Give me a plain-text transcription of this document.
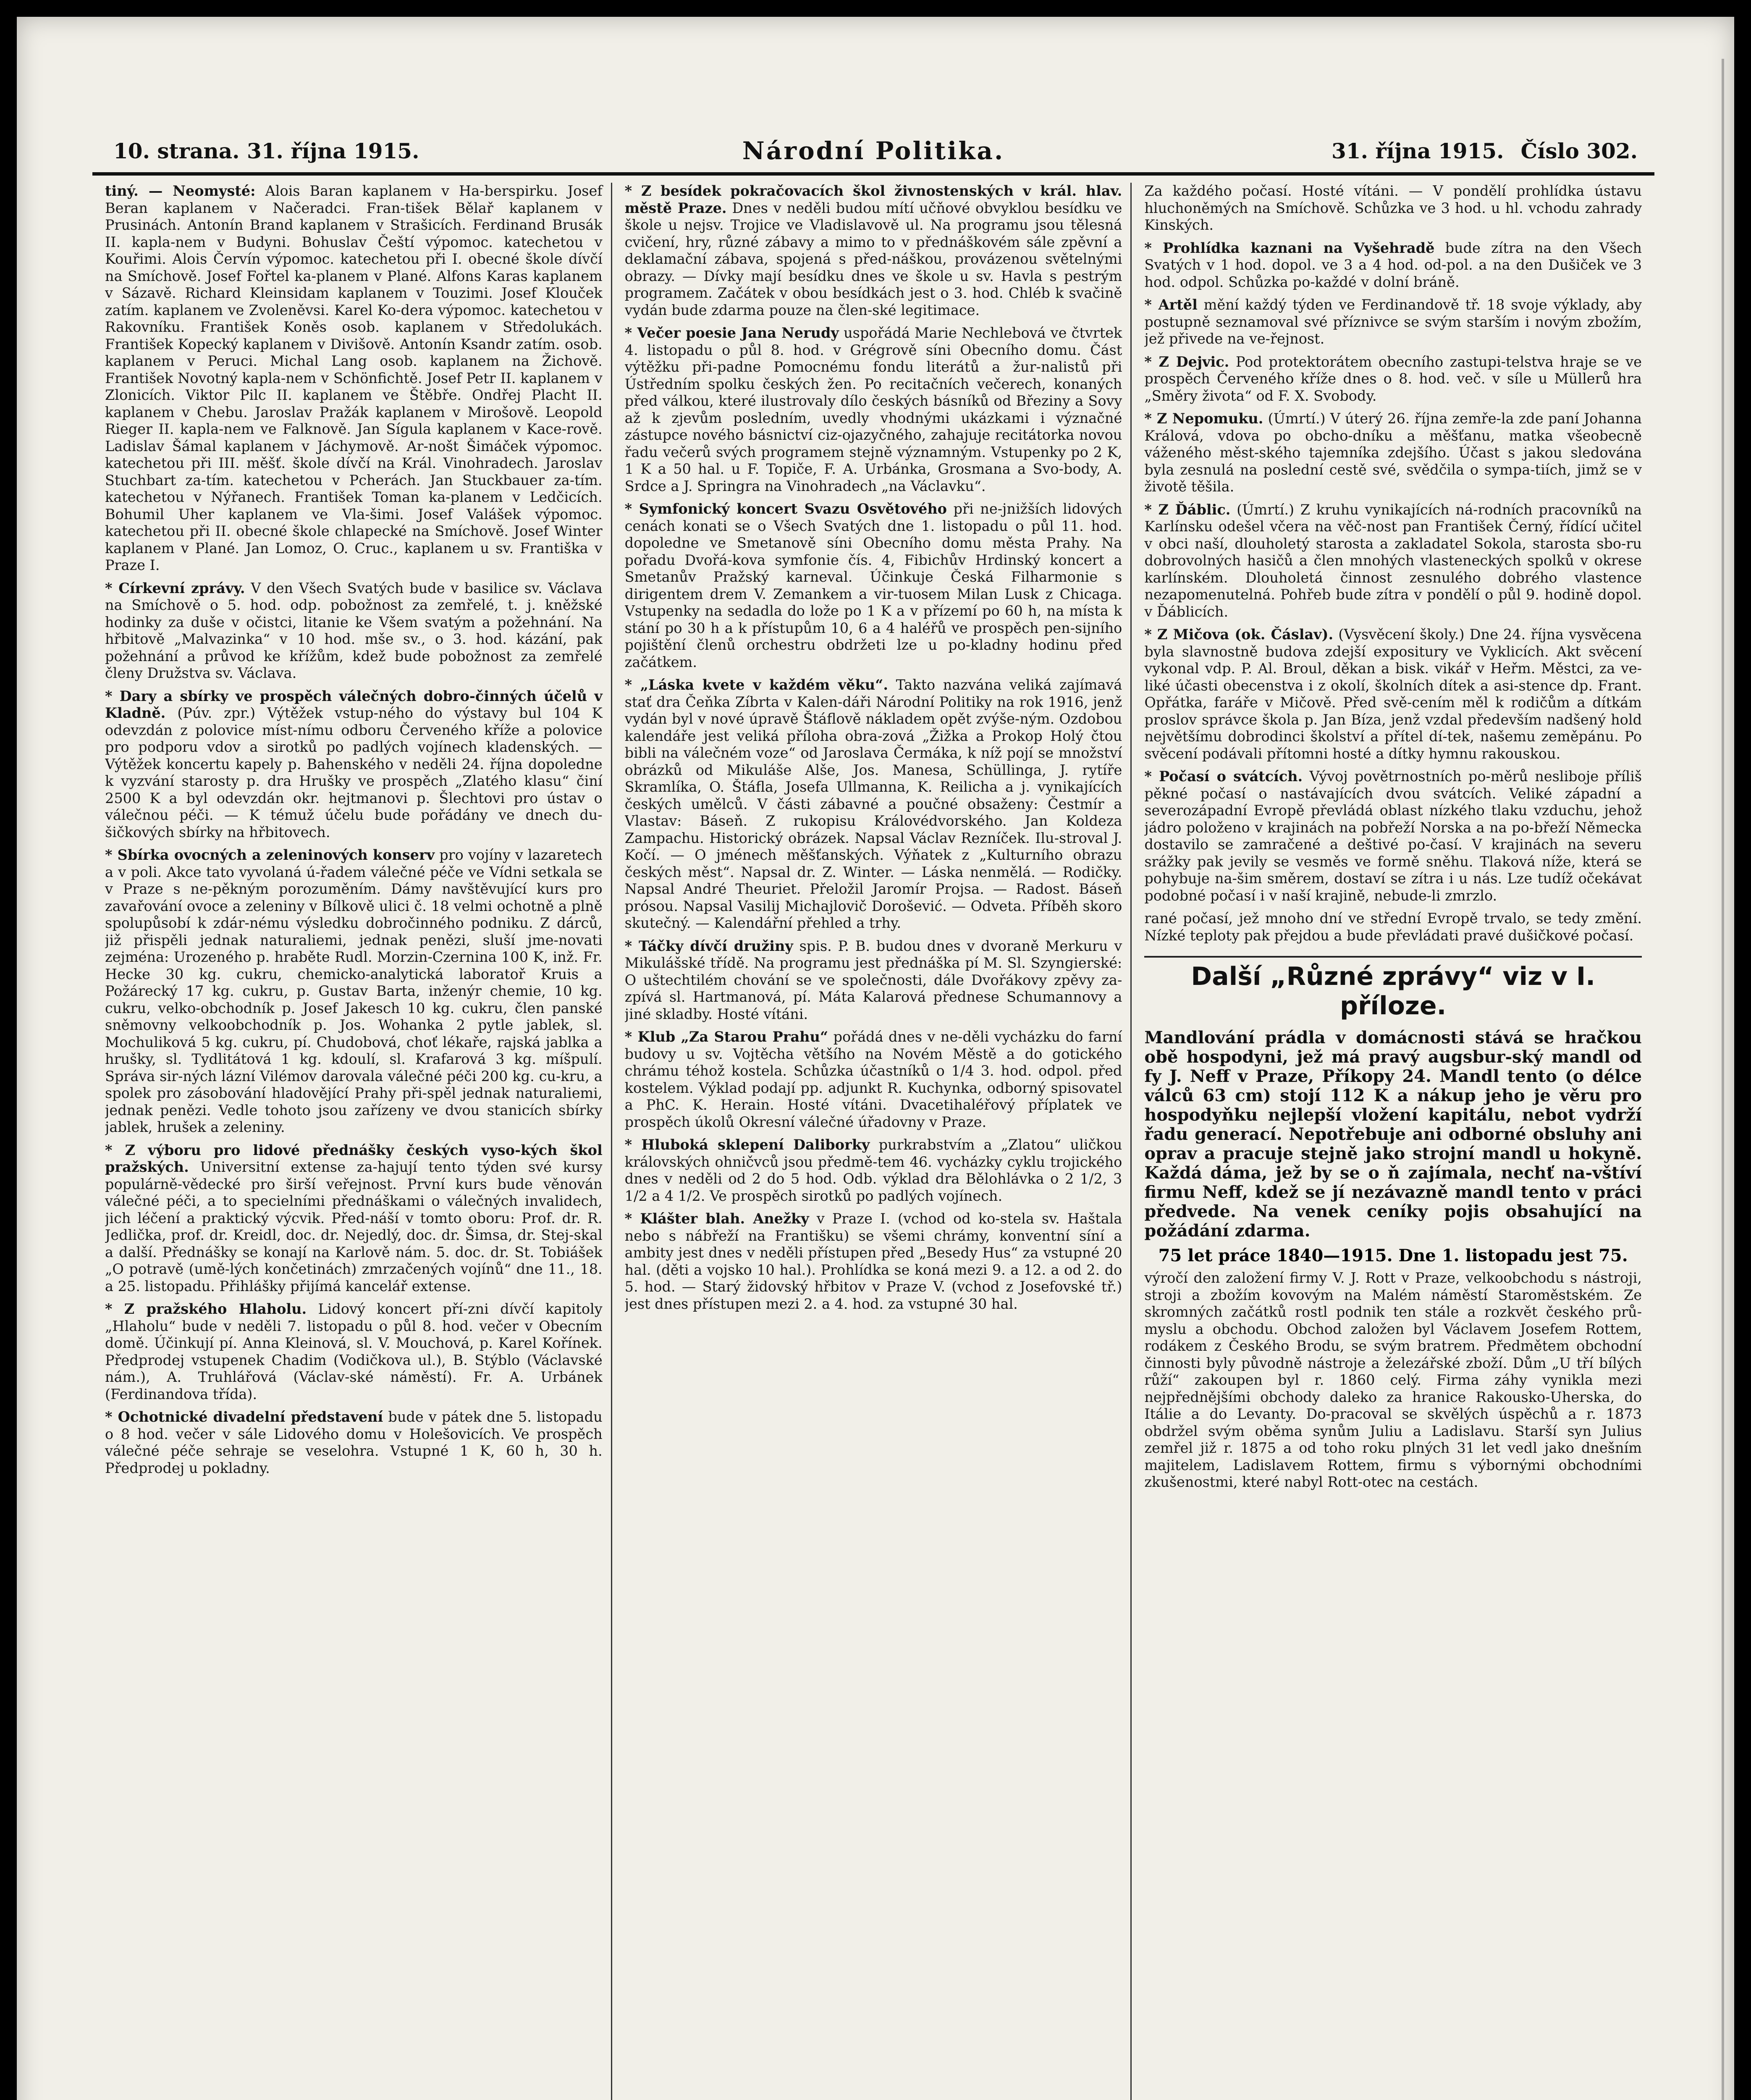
10. strana. 31. října 1915.	Národní Politika.	31. října 1915. Číslo 302.

tiný. — Neomysté: Alois Baran kaplanem v Ha-berspirku. Josef Beran kaplanem v Načeradci. Fran-tišek Bělař kaplanem v Prusinách. Antonín Brand kaplanem v Strašicích. Ferdinand Brusák II. kapla-nem v Budyni. Bohuslav Čeští výpomoc. katechetou v Kouřimi. Alois Červín výpomoc. katechetou při I. obecné škole dívčí na Smíchově. Josef Fořtel ka-planem v Plané. Alfons Karas kaplanem v Sázavě. Richard Kleinsidam kaplanem v Touzimi. Josef Klouček zatím. kaplanem ve Zvoleněvsi. Karel Ko-dera výpomoc. katechetou v Rakovníku. František Koněs osob. kaplanem v Středolukách. František Kopecký kaplanem v Divišově. Antonín Ksandr zatím. osob. kaplanem v Peruci. Michal Lang osob. kaplanem na Žichově. František Novotný kapla-nem v Schönfichtě. Josef Petr II. kaplanem v Zlonicích. Viktor Pilc II. kaplanem ve Štěbře. Ondřej Placht II. kaplanem v Chebu. Jaroslav Pražák kaplanem v Mirošově. Leopold Rieger II. kapla-nem ve Falknově. Jan Sígula kaplanem v Kace-rově. Ladislav Šámal kaplanem v Jáchymově. Ar-nošt Šimáček výpomoc. katechetou při III. měšť. škole dívčí na Král. Vinohradech. Jaroslav Stuchbart za-tím. katechetou v Pcherách. Jan Stuckbauer za-tím. katechetou v Nýřanech. František Toman ka-planem v Ledčicích. Bohumil Uher kaplanem ve Vla-šimi. Josef Valášek výpomoc. katechetou při II. obecné škole chlapecké na Smíchově. Josef Winter kaplanem v Plané. Jan Lomoz, O. Cruc., kaplanem u sv. Františka v Praze I.

* Církevní zprávy. V den Všech Svatých bude v basilice sv. Václava na Smíchově o 5. hod. odp. pobožnost za zemřelé, t. j. kněžské hodinky za duše v očistci, litanie ke Všem svatým a požehnání. Na hřbitově „Malvazinka“ v 10 hod. mše sv., o 3. hod. kázání, pak požehnání a průvod ke křížům, kdež bude pobožnost za zemřelé členy Družstva sv. Václava.

* Dary a sbírky ve prospěch válečných dobro-činných účelů v Kladně. (Púv. zpr.) Výtěžek vstup-ného do výstavy bul 104 K odevzdán z polovice míst-nímu odboru Červeného kříže a polovice pro podporu vdov a sirotků po padlých vojínech kladenských. — Výtěžek koncertu kapely p. Bahenského v neděli 24. října dopoledne k vyzvání starosty p. dra Hrušky ve prospěch „Zlatého klasu“ činí 2500 K a byl odevzdán okr. hejtmanovi p. Šlechtovi pro ústav o válečnou péči. — K témuž účelu bude pořádány ve dnech du-šičkových sbírky na hřbitovech.

* Sbírka ovocných a zeleninových konserv pro vojíny v lazaretech a v poli. Akce tato vyvolaná ú-řadem válečné péče ve Vídni setkala se v Praze s ne-pěkným porozuměním. Dámy navštěvující kurs pro zavařování ovoce a zeleniny v Bílkově ulici č. 18 velmi ochotně a plně spolupůsobí k zdár-nému výsledku dobročinného podniku. Z dárců, již přispěli jednak naturaliemi, jednak penězi, sluší jme-novati zejména: Urozeného p. hraběte Rudl. Morzin-Czernina 100 K, inž. Fr. Hecke 30 kg. cukru, chemicko-analytická laboratoř Kruis a Požárecký 17 kg. cukru, p. Gustav Barta, inženýr chemie, 10 kg. cukru, velko-obchodník p. Josef Jakesch 10 kg. cukru, člen panské sněmovny velkoobchodník p. Jos. Wohanka 2 pytle jablek, sl. Mochuliková 5 kg. cukru, pí. Chudobová, choť lékaře, rajská jablka a hrušky, sl. Tydlitátová 1 kg. kdoulí, sl. Krafarová 3 kg. míšpulí. Správa sir-ných lázní Vilémov darovala válečné péči 200 kg. cu-kru, a spolek pro zásobování hladovějící Prahy při-spěl jednak naturaliemi, jednak penězi. Vedle tohoto jsou zařízeny ve dvou stanicích sbírky jablek, hrušek a zeleniny.

* Z výboru pro lidové přednášky českých vyso-kých škol pražských. Universitní extense za-hajují tento týden své kursy populárně-vědecké pro širší veřejnost. První kurs bude věnován válečné péči, a to specielními přednáškami o válečných invalidech, jich léčení a praktický výcvik. Před-náší v tomto oboru: Prof. dr. R. Jedlička, prof. dr. Kreidl, doc. dr. Nejedlý, doc. dr. Šimsa, dr. Stej-skal a další. Přednášky se konají na Karlově nám. 5. doc. dr. St. Tobiášek „O potravě (umě-lých končetinách) zmrzačených vojínů“ dne 11., 18. a 25. listopadu. Přihlášky přijímá kancelář extense.

* Z pražského Hlaholu. Lidový koncert pří-zni dívčí kapitoly „Hlaholu“ bude v neděli 7. listopadu o půl 8. hod. večer v Obecním domě. Účinkují pí. Anna Kleinová, sl. V. Mouchová, p. Karel Kořínek. Předprodej vstupenek Chadim (Vodičkova ul.), B. Stýblo (Václavské nám.), A. Truhlářová (Václav-ské náměstí). Fr. A. Urbánek (Ferdinandova třída).

* Ochotnické divadelní představení bude v pátek dne 5. listopadu o 8 hod. večer v sále Lidového domu v Holešovicích. Ve prospěch válečné péče sehraje se veselohra. Vstupné 1 K, 60 h, 30 h. Předprodej u pokladny.

* Z besídek pokračovacích škol živnostenských v král. hlav. městě Praze. Dnes v neděli budou mítí učňové obvyklou besídku ve škole u nejsv. Trojice ve Vladislavově ul. Na programu jsou tělesná cvičení, hry, různé zábavy a mimo to v přednáškovém sále zpěvní a deklamační zábava, spojená s před-náškou, provázenou světelnými obrazy. — Dívky mají besídku dnes ve škole u sv. Havla s pestrým programem. Začátek v obou besídkách jest o 3. hod. Chléb k svačině vydán bude zdarma pouze na člen-ské legitimace.

* Večer poesie Jana Nerudy uspořádá Marie Nechlebová ve čtvrtek 4. listopadu o půl 8. hod. v Grégrově síni Obecního domu. Část výtěžku při-padne Pomocnému fondu literátů a žur-nalistů při Ústředním spolku českých žen. Po recitačních večerech, konaných před válkou, které ilustrovaly dílo českých básníků od Březiny a Sovy až k zjevům posledním, uvedly vhodnými ukázkami i význačné zástupce nového básnictví ciz-ojazyčného, zahajuje recitátorka novou řadu večerů svých programem stejně významným. Vstupenky po 2 K, 1 K a 50 hal. u F. Topiče, F. A. Urbánka, Grosmana a Svo-body, A. Srdce a J. Springra na Vinohradech „na Václavku“.

* Symfonický koncert Svazu Osvětového při ne-jnižších lidových cenách konati se o Všech Svatých dne 1. listopadu o půl 11. hod. dopoledne ve Smetanově síni Obecního domu města Prahy. Na pořadu Dvořá-kova symfonie čís. 4, Fibichův Hrdinský koncert a Smetanův Pražský karneval. Účinkuje Česká Filharmonie s dirigentem drem V. Zemankem a vir-tuosem Milan Lusk z Chicaga. Vstupenky na sedadla do lože po 1 K a v přízemí po 60 h, na místa k stání po 30 h a k přístupům 10, 6 a 4 haléřů ve prospěch pen-sijního pojištění členů orchestru obdržeti lze u po-kladny hodinu před začátkem.

* „Láska kvete v každém věku“. Takto nazvána veliká zajímavá stať dra Čeňka Zíbrta v Kalen-dáři Národní Politiky na rok 1916, jenž vydán byl v nové úpravě Štáflově nákladem opět zvýše-ným. Ozdobou kalendáře jest veliká příloha obra-zová „Žižka a Prokop Holý čtou bibli na válečném voze“ od Jaroslava Čermáka, k níž pojí se množství obrázků od Mikuláše Alše, Jos. Manesa, Schüllinga, J. rytíře Skramlíka, O. Štáfla, Josefa Ullmanna, K. Reilicha a j. vynikajících českých umělců. V části zábavné a poučné obsaženy: Čestmír a Vlastav: Báseň. Z rukopisu Královédvorského. Jan Koldeza Zampachu. Historický obrázek. Napsal Václav Rezníček. Ilu-stroval J. Kočí. — O jménech měšťanských. Výňatek z „Kulturního obrazu českých měst“. Napsal dr. Z. Winter. — Láska nenmělá. — Rodičky. Napsal André Theuriet. Přeložil Jaromír Projsa. — Radost. Báseň prósou. Napsal Vasilij Michajlovič Dorošević. — Odveta. Příběh skoro skutečný. — Kalendářní přehled a trhy.

* Táčky dívčí družiny spis. P. B. budou dnes v dvoraně Merkuru v Mikulášské třídě. Na programu jest přednáška pí M. Sl. Szyngierské: O uštechtilém chování se ve společnosti, dále Dvořákovy zpěvy za-zpívá sl. Hartmanová, pí. Máta Kalarová přednese Schumannovy a jiné skladby. Hosté vítáni.

* Klub „Za Starou Prahu“ pořádá dnes v ne-děli vycházku do farní budovy u sv. Vojtěcha většího na Novém Městě a do gotického chrámu téhož kostela. Schůzka účastníků o 1/4 3. hod. odpol. před kostelem. Výklad podají pp. adjunkt R. Kuchynka, odborný spisovatel a PhC. K. Herain. Hosté vítáni. Dvacetihaléřový příplatek ve prospěch úkolů Okresní válečné úřadovny v Praze.

* Hluboká sklepení Daliborky purkrabstvím a „Zlatou“ uličkou královských ohničvců jsou předmě-tem 46. vycházky cyklu trojického dnes v neděli od 2 do 5 hod. Odb. výklad dra Bělohlávka o 2 1/2, 3 1/2 a 4 1/2. Ve prospěch sirotků po padlých vojínech.

* Klášter blah. Anežky v Praze I. (vchod od ko-stela sv. Haštala nebo s nábřeží na Františku) se všemi chrámy, konventní síní a ambity jest dnes v neděli přístupen před „Besedy Hus“ za vstupné 20 hal. (děti a vojsko 10 hal.). Prohlídka se koná mezi 9. a 12. a od 2. do 5. hod. — Starý židovský hřbitov v Praze V. (vchod z Josefovské tř.) jest dnes přístupen mezi 2. a 4. hod. za vstupné 30 hal.

Za každého počasí. Hosté vítáni. — V pondělí prohlídka ústavu hluchoněmých na Smíchově. Schůzka ve 3 hod. u hl. vchodu zahrady Kinských.

* Prohlídka kaznani na Vyšehradě bude zítra na den Všech Svatých v 1 hod. dopol. ve 3 a 4 hod. od-pol. a na den Dušiček ve 3 hod. odpol. Schůzka po-každé v dolní bráně.

* Artěl mění každý týden ve Ferdinandově tř. 18 svoje výklady, aby postupně seznamoval své příznivce se svým starším i novým zbožím, jež přivede na ve-řejnost.

* Z Dejvic. Pod protektorátem obecního zastupi-telstva hraje se ve prospěch Červeného kříže dnes o 8. hod. več. v síle u Müllerů hra „Směry života“ od F. X. Svobody.

* Z Nepomuku. (Úmrtí.) V úterý 26. října zemře-la zde paní Johanna Králová, vdova po obcho-dníku a měšťanu, matka všeobecně váženého měst-ského tajemníka zdejšího. Účast s jakou sledována byla zesnulá na poslední cestě své, svědčila o sympa-tiích, jimž se v životě těšila.

* Z Ďáblic. (Úmrtí.) Z kruhu vynikajících ná-rodních pracovníků na Karlínsku odešel včera na věč-nost pan František Černý, řídící učitel v obci naší, dlouholetý starosta a zakladatel Sokola, starosta sbo-ru dobrovolných hasičů a člen mnohých vlasteneckých spolků v okrese karlínském. Dlouholetá činnost zesnulého dobrého vlastence nezapomenutelná. Pohřeb bude zítra v pondělí o půl 9. hodině dopol. v Ďáblicích.

* Z Mičova (ok. Čáslav). (Vysvěcení školy.) Dne 24. října vysvěcena byla slavnostně budova zdejší expositury ve Vyklicích. Akt svěcení vykonal vdp. P. Al. Broul, děkan a bisk. vikář v Heřm. Městci, za ve-liké účasti obecenstva i z okolí, školních dítek a asi-stence dp. Frant. Opřátka, faráře v Mičově. Před svě-cením měl k rodičům a dítkám proslov správce škola p. Jan Bíza, jenž vzdal především nadšený hold největšímu dobrodinci školství a přítel dí-tek, našemu zeměpánu. Po svěcení podávali přítomni hosté a dítky hymnu rakouskou.

* Počasí o svátcích. Vývoj povětrnostních po-měrů nesliboje příliš pěkné počasí o nastávajících dvou svátcích. Veliké západní a severozápadní Evropě převládá oblast nízkého tlaku vzduchu, jehož jádro položeno v krajinách na pobřeží Norska a na po-břeží Německa dostavilo se zamračené a deštivé po-časí. V krajinách na severu srážky pak jevily se vesměs ve formě sněhu. Tlaková níže, která se pohybuje na-šim směrem, dostaví se zítra i u nás. Lze tudíž očekávat podobné počasí i v naší krajině, nebude-li zmrzlo.

rané počasí, jež mnoho dní ve střední Evropě trvalo, se tedy změní. Nízké teploty pak přejdou a bude převládati pravé dušičkové počasí.

Další „Různé zprávy“ viz v I. příloze.

Mandlování prádla v domácnosti stává se hračkou obě hospodyni, jež má pravý augsbur-ský mandl od fy J. Neff v Praze, Příkopy 24. Mandl tento (o délce válců 63 cm) stojí 112 K a nákup jeho je věru pro hospodyňku nejlepší vložení kapitálu, nebot vydrží řadu generací. Nepotřebuje ani odborné obsluhy ani oprav a pracuje stejně jako strojní mandl u hokyně. Každá dáma, jež by se o ň zajímala, nechť na-vštíví firmu Neff, kdež se jí nezávazně mandl tento v práci předvede. Na venek ceníky pojis obsahující na požádání zdarma.

75 let práce 1840—1915. Dne 1. listopadu jest 75.

výročí den založení firmy V. J. Rott v Praze, velkoobchodu s nástroji, stroji a zbožím kovovým na Malém náměstí Staroměstském. Ze skromných začátků rostl podnik ten stále a rozkvět českého prů-myslu a obchodu. Obchod založen byl Václavem Josefem Rottem, rodákem z Českého Brodu, se svým bratrem. Předmětem obchodní činnosti byly původně nástroje a železářské zboží. Dům „U tří bílých růží“ zakoupen byl r. 1860 celý. Firma záhy vynikla mezi nejpřednějšími obchody daleko za hranice Rakousko-Uherska, do Itálie a do Levanty. Do-pracoval se skvělých úspěchů a r. 1873 obdržel svým oběma synům Juliu a Ladislavu. Starší syn Julius zemřel již r. 1875 a od toho roku plných 31 let vedl jako dnešním majitelem, Ladislavem Rottem, firmu s výbornými obchodními zkušenostmi, které nabyl Rott-otec na cestách.
